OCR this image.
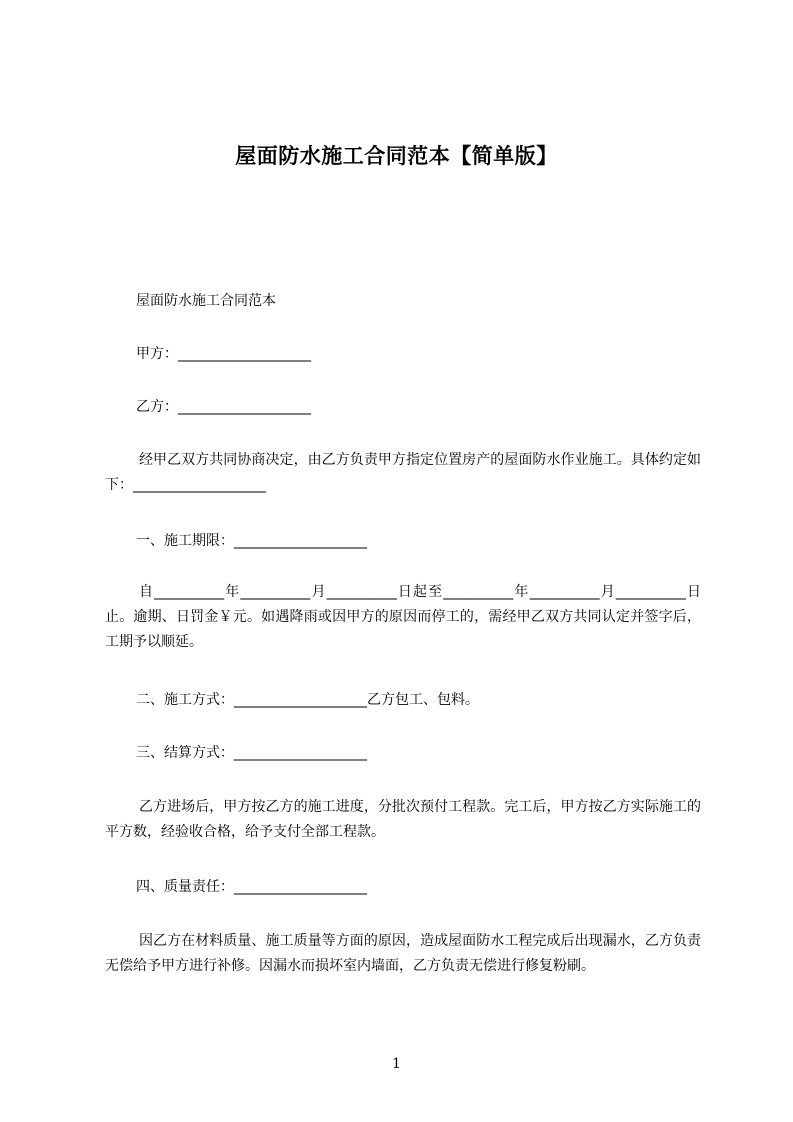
屋面防水施工合同范本【简单版】

屋面防水施工合同范本

甲方：___________________

乙方：___________________

经甲乙双方共同协商决定，由乙方负责甲方指定位置房产的屋面防水作业施工。具体约定如下：___________________

一、施工期限：___________________

自__________年__________月__________日起至__________年__________月__________日止。逾期、日罚金￥元。如遇降雨或因甲方的原因而停工的，需经甲乙双方共同认定并签字后，工期予以顺延。

二、施工方式：___________________乙方包工、包料。

三、结算方式：___________________

乙方进场后，甲方按乙方的施工进度，分批次预付工程款。完工后，甲方按乙方实际施工的平方数，经验收合格，给予支付全部工程款。

四、质量责任：___________________

因乙方在材料质量、施工质量等方面的原因，造成屋面防水工程完成后出现漏水，乙方负责无偿给予甲方进行补修。因漏水而损坏室内墙面，乙方负责无偿进行修复粉刷。

1
